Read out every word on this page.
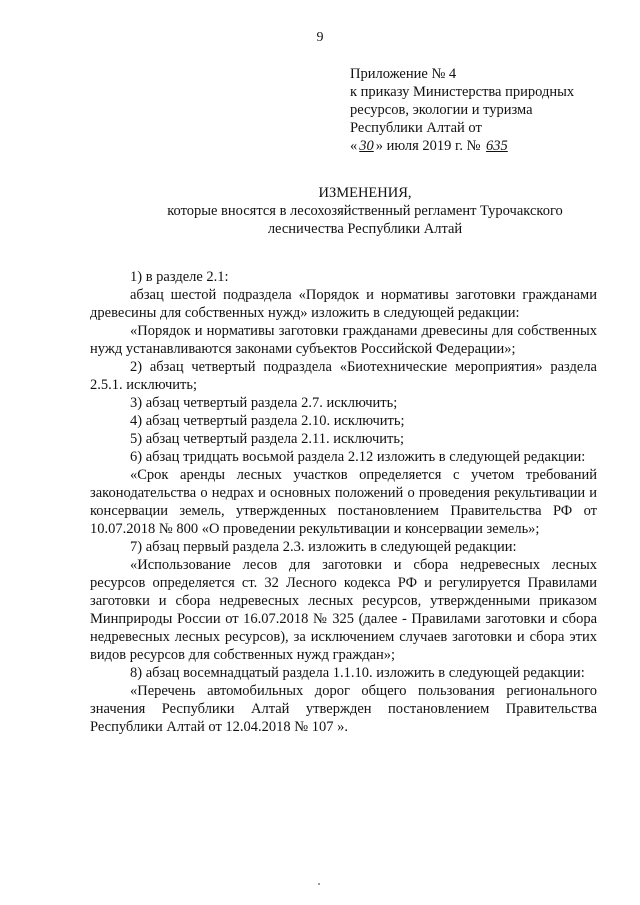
9
Приложение № 4
к приказу Министерства природных
ресурсов, экологии и туризма
Республики Алтай от
« 30 » июля 2019 г. № 635
ИЗМЕНЕНИЯ,
которые вносятся в лесохозяйственный регламент Турочакского
лесничества Республики Алтай

1) в разделе 2.1:

абзац шестой подраздела «Порядок и нормативы заготовки гражданами древесины для собственных нужд» изложить в следующей редакции:

«Порядок и нормативы заготовки гражданами древесины для собственных нужд устанавливаются законами субъектов Российской Федерации»;

2) абзац четвертый подраздела «Биотехнические мероприятия» раздела 2.5.1. исключить;

3) абзац четвертый раздела 2.7. исключить;

4) абзац четвертый раздела 2.10. исключить;

5) абзац четвертый раздела 2.11. исключить;

6) абзац тридцать восьмой раздела 2.12 изложить в следующей редакции:

«Срок аренды лесных участков определяется с учетом требований законодательства о недрах и основных положений о проведения рекультивации и консервации земель, утвержденных постановлением Правительства РФ от 10.07.2018 № 800 «О проведении рекультивации и консервации земель»;

7) абзац первый раздела 2.3. изложить в следующей редакции:

«Использование лесов для заготовки и сбора недревесных лесных ресурсов определяется ст. 32 Лесного кодекса РФ и регулируется Правилами заготовки и сбора недревесных лесных ресурсов, утвержденными приказом Минприроды России от 16.07.2018 № 325 (далее - Правилами заготовки и сбора недревесных лесных ресурсов), за исключением случаев заготовки и сбора этих видов ресурсов для собственных нужд граждан»;

8) абзац восемнадцатый раздела 1.1.10. изложить в следующей редакции:

«Перечень автомобильных дорог общего пользования регионального значения Республики Алтай утвержден постановлением Правительства Республики Алтай от 12.04.2018 № 107 ».
